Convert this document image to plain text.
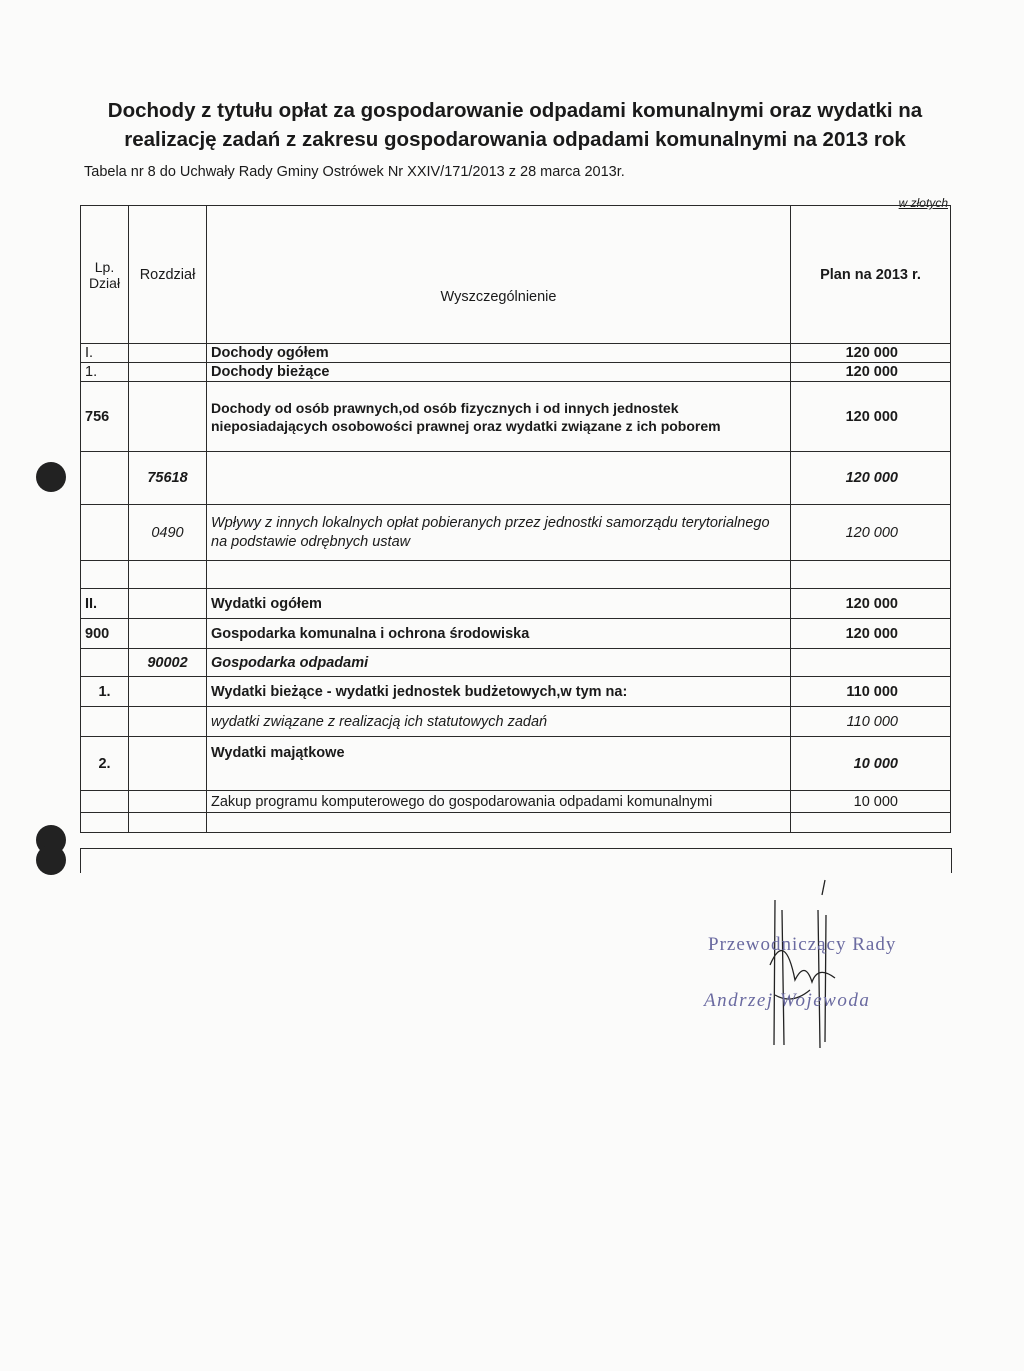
Dochody z tytułu opłat za gospodarowanie odpadami komunalnymi oraz wydatki na realizację zadań z zakresu gospodarowania odpadami komunalnymi na 2013 rok
Tabela nr 8 do Uchwały Rady Gminy Ostrówek Nr XXIV/171/2013 z 28 marca 2013r.
w złotych
Lp.
Dział	Rozdział	Wyszczególnienie	Plan na 2013 r.
I.		Dochody ogółem	120 000
1.		Dochody bieżące	120 000
756		Dochody od osób prawnych,od osób fizycznych i od innych jednostek nieposiadających osobowości prawnej oraz wydatki związane z ich poborem	120 000
	75618		120 000
	0490	Wpływy z innych lokalnych opłat pobieranych przez jednostki samorządu terytorialnego na podstawie odrębnych ustaw	120 000

II.		Wydatki ogółem	120 000
900		Gospodarka komunalna i ochrona środowiska	120 000
	90002	Gospodarka odpadami	
1.		Wydatki bieżące - wydatki jednostek budżetowych,w tym na:	110 000
		wydatki związane z realizacją ich statutowych zadań	110 000
2.		Wydatki majątkowe	10 000
		Zakup programu komputerowego do gospodarowania odpadami komunalnymi	10 000

Przewodniczący Rady
Andrzej Wojewoda
